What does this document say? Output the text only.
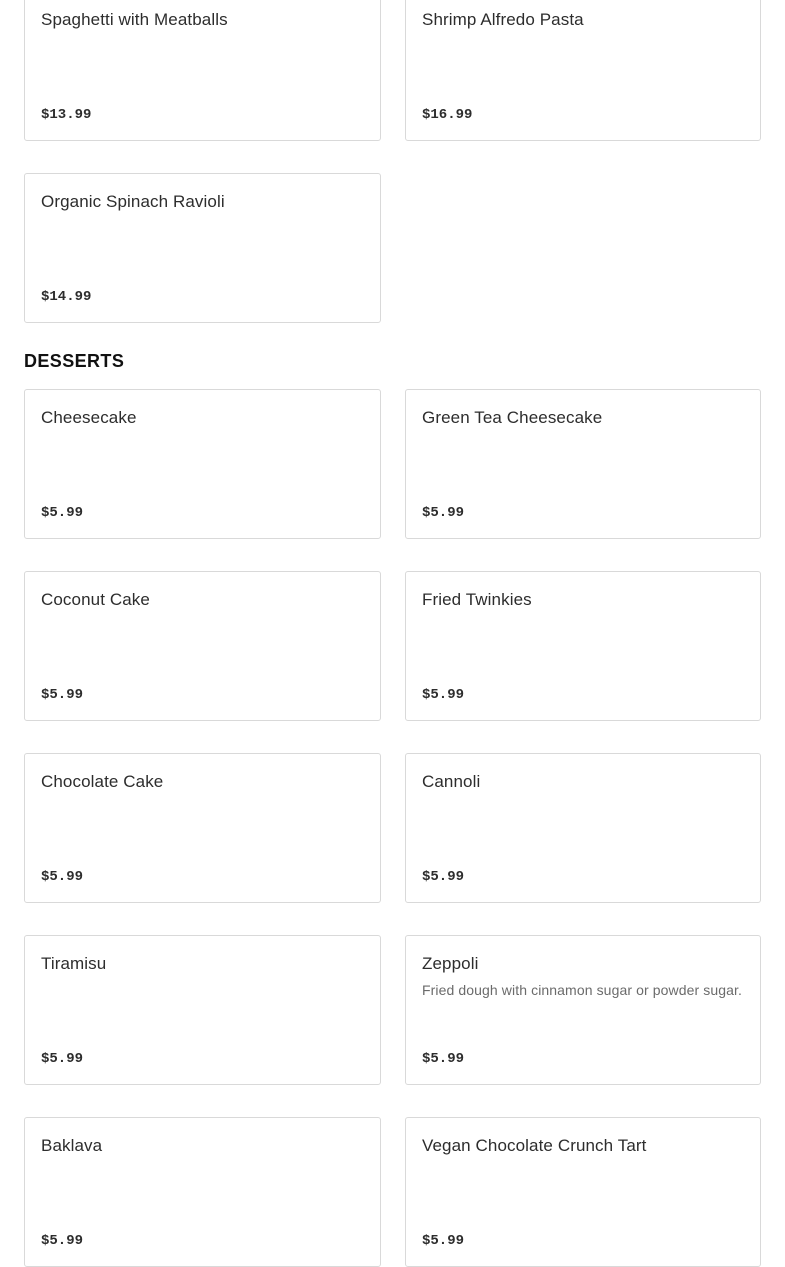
Spaghetti with Meatballs
$13.99
Shrimp Alfredo Pasta
$16.99
Organic Spinach Ravioli
$14.99
DESSERTS
Cheesecake
$5.99
Green Tea Cheesecake
$5.99
Coconut Cake
$5.99
Fried Twinkies
$5.99
Chocolate Cake
$5.99
Cannoli
$5.99
Tiramisu
$5.99
Zeppoli
Fried dough with cinnamon sugar or powder sugar.
$5.99
Baklava
$5.99
Vegan Chocolate Crunch Tart
$5.99
